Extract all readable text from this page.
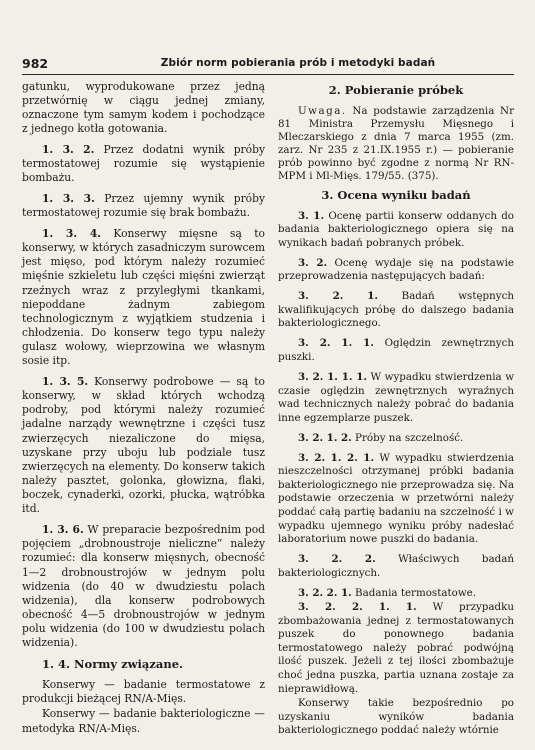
982	Zbiór norm pobierania prób i metodyki badań

gatunku, wyprodukowane przez jedną przetwórnię w ciągu jednej zmiany, oznaczone tym samym kodem i pochodzące z jednego kotła gotowania.

1. 3. 2. Przez dodatni wynik próby termostatowej rozumie się wystąpienie bombażu.

1. 3. 3. Przez ujemny wynik próby termostatowej rozumie się brak bombażu.

1. 3. 4. Konserwy mięsne są to konserwy, w których zasadniczym surowcem jest mięso, pod którym należy rozumieć mięśnie szkieletu lub części mięśni zwierząt rzeźnych wraz z przyległymi tkankami, niepoddane żadnym zabiegom technologicznym z wyjątkiem studzenia i chłodzenia. Do konserw tego typu należy gulasz wołowy, wieprzowina we własnym sosie itp.

1. 3. 5. Konserwy podrobowe — są to konserwy, w skład których wchodzą podroby, pod którymi należy rozumieć jadalne narządy wewnętrzne i części tusz zwierzęcych niezaliczone do mięsa, uzyskane przy uboju lub podziale tusz zwierzęcych na elementy. Do konserw takich należy pasztet, golonka, głowizna, flaki, boczek, cynaderki, ozorki, płucka, wątróbka itd.

1. 3. 6. W preparacie bezpośrednim pod pojęciem „drobnoustroje nieliczne” należy rozumieć: dla konserw mięsnych, obecność 1—2 drobnoustrojów w jednym polu widzenia (do 40 w dwudziestu polach widzenia), dla konserw podrobowych obecność 4—5 drobnoustrojów w jednym polu widzenia (do 100 w dwudziestu polach widzenia).

1. 4. Normy związane.

Konserwy — badanie termostatowe z produkcji bieżącej RN/A-Mięs.

Konserwy — badanie bakteriologiczne — metodyka RN/A-Mięs.

2. Pobieranie próbek

Uwaga. Na podstawie zarządzenia Nr 81 Ministra Przemysłu Mięsnego i Mleczarskiego z dnia 7 marca 1955 (zm. zarz. Nr 235 z 21.IX.1955 r.) — pobieranie prób powinno być zgodne z normą Nr RN-MPM i Ml-Mięs. 179/55. (375).

3. Ocena wyniku badań

3. 1. Ocenę partii konserw oddanych do badania bakteriologicznego opiera się na wynikach badań pobranych próbek.

3. 2. Ocenę wydaje się na podstawie przeprowadzenia następujących badań:

3. 2. 1. Badań wstępnych kwalifikujących próbę do dalszego badania bakteriologicznego.

3. 2. 1. 1. Oględzin zewnętrznych puszki.

3. 2. 1. 1. 1. W wypadku stwierdzenia w czasie oględzin zewnętrznych wyraźnych wad technicznych należy pobrać do badania inne egzemplarze puszek.

3. 2. 1. 2. Próby na szczelność.

3. 2. 1. 2. 1. W wypadku stwierdzenia nieszczelności otrzymanej próbki badania bakteriologicznego nie przeprowadza się. Na podstawie orzeczenia w przetwórni należy poddać całą partię badaniu na szczelność i w wypadku ujemnego wyniku próby nadesłać laboratorium nowe puszki do badania.

3. 2. 2. Właściwych badań bakteriologicznych.

3. 2. 2. 1. Badania termostatowe.

3. 2. 2. 1. 1. W przypadku zbombażowania jednej z termostatowanych puszek do ponownego badania termostatowego należy pobrać podwójną ilość puszek. Jeżeli z tej ilości zbombażuje choć jedna puszka, partia uznana zostaje za nieprawidłową.

Konserwy takie bezpośrednio po uzyskaniu wyników badania bakteriologicznego poddać należy wtórnie
